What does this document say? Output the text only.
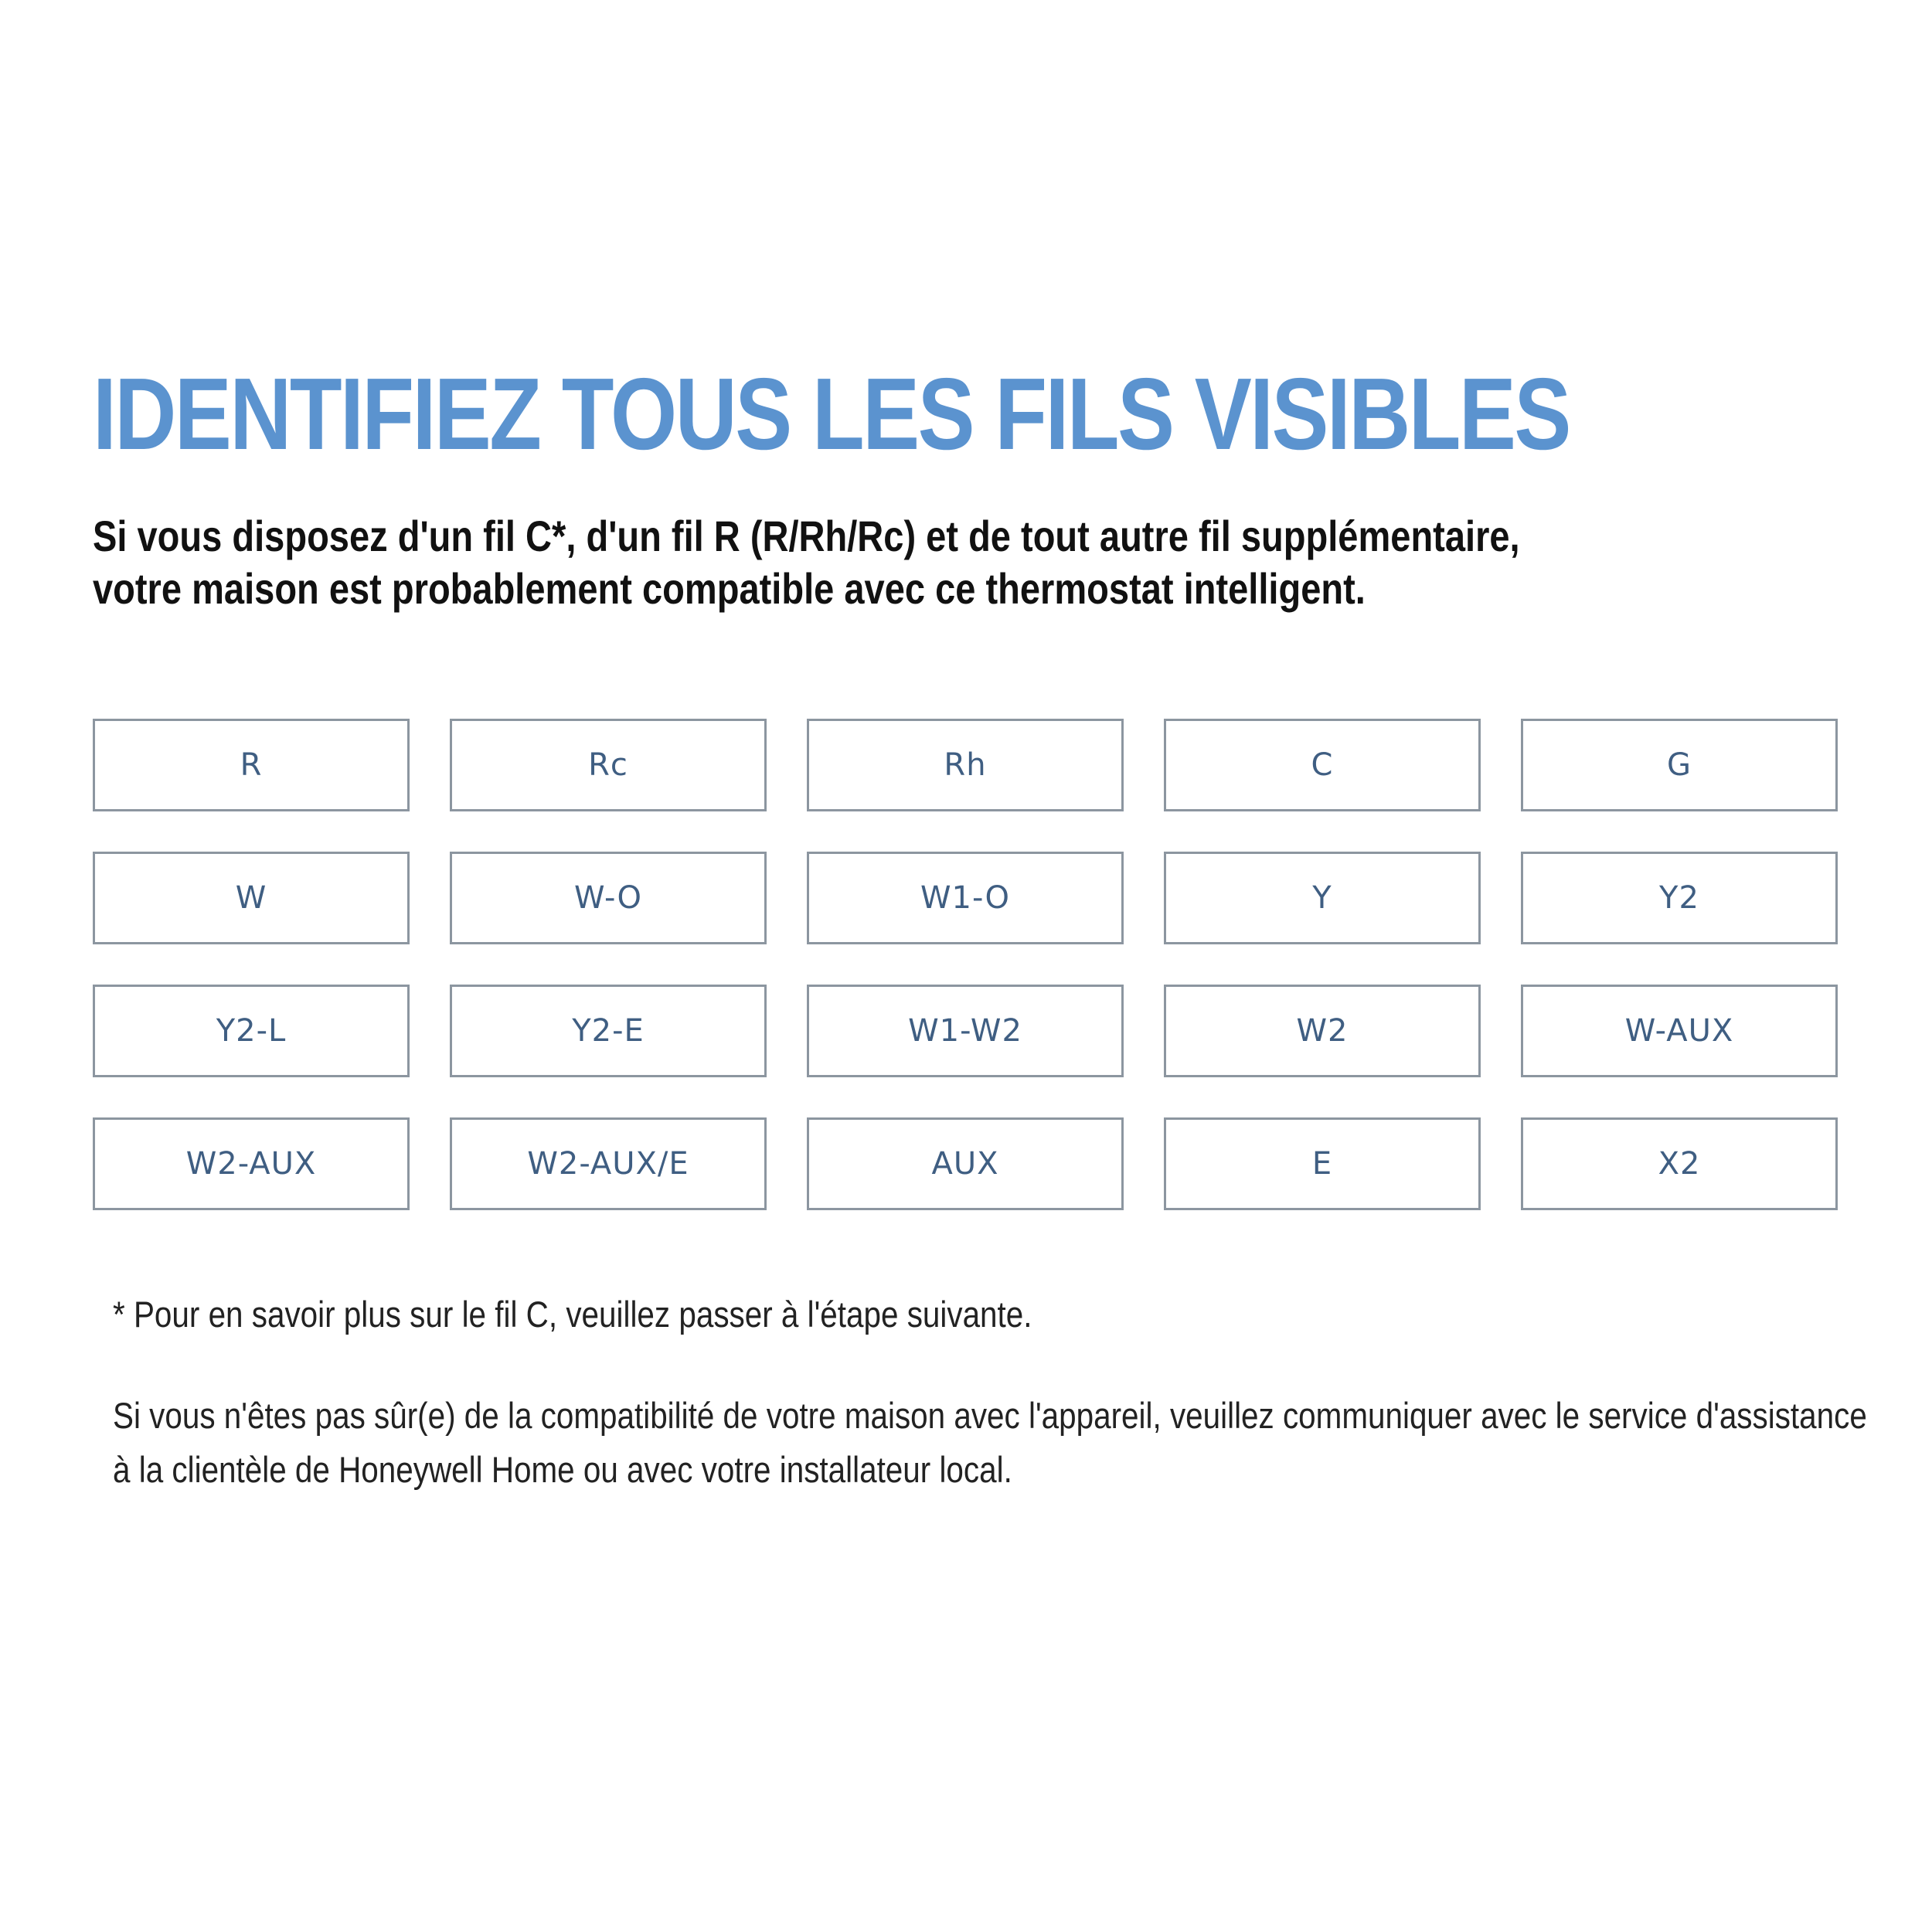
IDENTIFIEZ TOUS LES FILS VISIBLES

Si vous disposez d'un fil C*, d'un fil R (R/Rh/Rc) et de tout autre fil supplémentaire,
votre maison est probablement compatible avec ce thermostat intelligent.

R	Rc	Rh	C	G
W	W-O	W1-O	Y	Y2
Y2-L	Y2-E	W1-W2	W2	W-AUX
W2-AUX	W2-AUX/E	AUX	E	X2

* Pour en savoir plus sur le fil C, veuillez passer à l'étape suivante.

Si vous n'êtes pas sûr(e) de la compatibilité de votre maison avec l'appareil, veuillez communiquer avec le service d'assistance
à la clientèle de Honeywell Home ou avec votre installateur local.
